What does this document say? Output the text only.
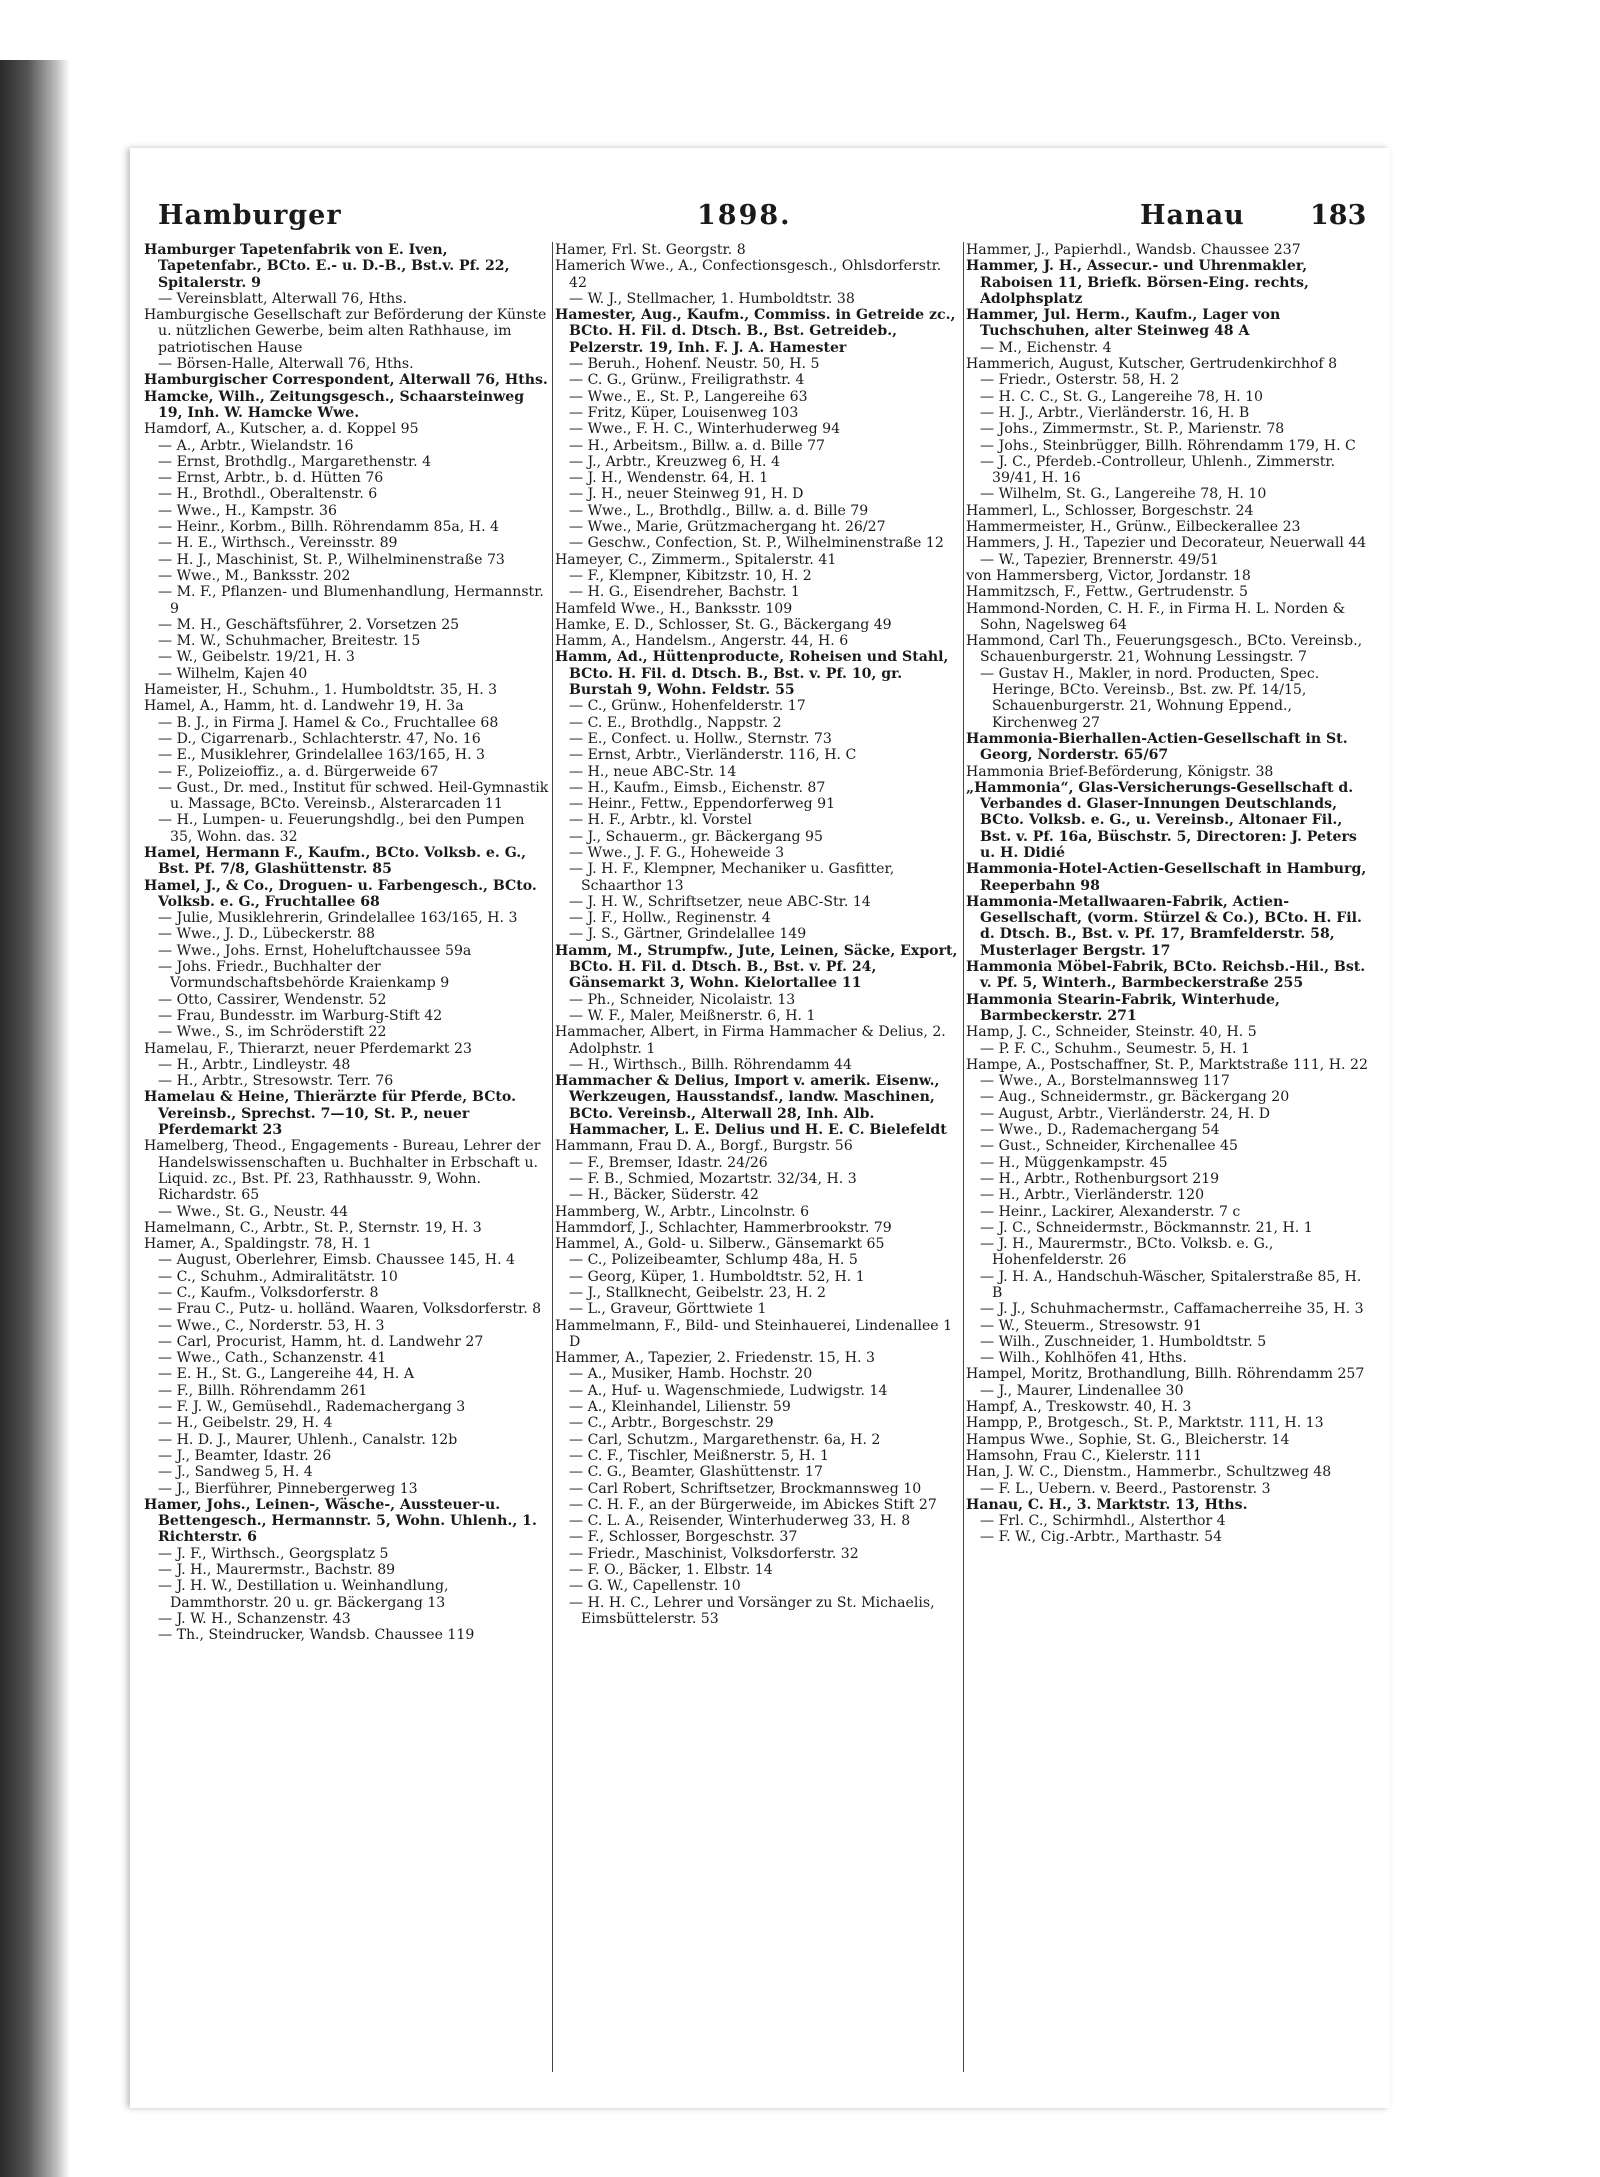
Hamburger	1898.	Hanau 183

Hamburger Tapetenfabrik von E. Iven, Tapetenfabr., BCto. E.- u. D.-B., Bst.v. Pf. 22, Spitalerstr. 9

— Vereinsblatt, Alterwall 76, Hths.

Hamburgische Gesellschaft zur Beförderung der Künste u. nützlichen Gewerbe, beim alten Rathhause, im patriotischen Hause

— Börsen-Halle, Alterwall 76, Hths.

Hamburgischer Correspondent, Alterwall 76, Hths.

Hamcke, Wilh., Zeitungsgesch., Schaarsteinweg 19, Inh. W. Hamcke Wwe.

Hamdorf, A., Kutscher, a. d. Koppel 95

— A., Arbtr., Wielandstr. 16

— Ernst, Brothdlg., Margarethenstr. 4

— Ernst, Arbtr., b. d. Hütten 76

— H., Brothdl., Oberaltenstr. 6

— Wwe., H., Kampstr. 36

— Heinr., Korbm., Billh. Röhrendamm 85a, H. 4

— H. E., Wirthsch., Vereinsstr. 89

— H. J., Maschinist, St. P., Wilhelminenstraße 73

— Wwe., M., Banksstr. 202

— M. F., Pflanzen- und Blumenhandlung, Hermannstr. 9

— M. H., Geschäftsführer, 2. Vorsetzen 25

— M. W., Schuhmacher, Breitestr. 15

— W., Geibelstr. 19/21, H. 3

— Wilhelm, Kajen 40

Hameister, H., Schuhm., 1. Humboldtstr. 35, H. 3

Hamel, A., Hamm, ht. d. Landwehr 19, H. 3a

— B. J., in Firma J. Hamel & Co., Fruchtallee 68

— D., Cigarrenarb., Schlachterstr. 47, No. 16

— E., Musiklehrer, Grindelallee 163/165, H. 3

— F., Polizeioffiz., a. d. Bürgerweide 67

— Gust., Dr. med., Institut für schwed. Heil-Gymnastik u. Massage, BCto. Vereinsb., Alsterarcaden 11

— H., Lumpen- u. Feuerungshdlg., bei den Pumpen 35, Wohn. das. 32

Hamel, Hermann F., Kaufm., BCto. Volksb. e. G., Bst. Pf. 7/8, Glashüttenstr. 85

Hamel, J., & Co., Droguen- u. Farbengesch., BCto. Volksb. e. G., Fruchtallee 68

— Julie, Musiklehrerin, Grindelallee 163/165, H. 3

— Wwe., J. D., Lübeckerstr. 88

— Wwe., Johs. Ernst, Hoheluftchaussee 59a

— Johs. Friedr., Buchhalter der Vormundschaftsbehörde Kraienkamp 9

— Otto, Cassirer, Wendenstr. 52

— Frau, Bundesstr. im Warburg-Stift 42

— Wwe., S., im Schröderstift 22

Hamelau, F., Thierarzt, neuer Pferdemarkt 23

— H., Arbtr., Lindleystr. 48

— H., Arbtr., Stresowstr. Terr. 76

Hamelau & Heine, Thierärzte für Pferde, BCto. Vereinsb., Sprechst. 7—10, St. P., neuer Pferdemarkt 23

Hamelberg, Theod., Engagements - Bureau, Lehrer der Handelswissenschaften u. Buchhalter in Erbschaft u. Liquid. zc., Bst. Pf. 23, Rathhausstr. 9, Wohn. Richardstr. 65

— Wwe., St. G., Neustr. 44

Hamelmann, C., Arbtr., St. P., Sternstr. 19, H. 3

Hamer, A., Spaldingstr. 78, H. 1

— August, Oberlehrer, Eimsb. Chaussee 145, H. 4

— C., Schuhm., Admiralitätstr. 10

— C., Kaufm., Volksdorferstr. 8

— Frau C., Putz- u. holländ. Waaren, Volksdorferstr. 8

— Wwe., C., Norderstr. 53, H. 3

— Carl, Procurist, Hamm, ht. d. Landwehr 27

— Wwe., Cath., Schanzenstr. 41

— E. H., St. G., Langereihe 44, H. A

— F., Billh. Röhrendamm 261

— F. J. W., Gemüsehdl., Rademachergang 3

— H., Geibelstr. 29, H. 4

— H. D. J., Maurer, Uhlenh., Canalstr. 12b

— J., Beamter, Idastr. 26

— J., Sandweg 5, H. 4

— J., Bierführer, Pinnebergerweg 13

Hamer, Johs., Leinen-, Wäsche-, Aussteuer-u. Bettengesch., Hermannstr. 5, Wohn. Uhlenh., 1. Richterstr. 6

— J. F., Wirthsch., Georgsplatz 5

— J. H., Maurermstr., Bachstr. 89

— J. H. W., Destillation u. Weinhandlung, Dammthorstr. 20 u. gr. Bäckergang 13

— J. W. H., Schanzenstr. 43

— Th., Steindrucker, Wandsb. Chaussee 119

Hamer, Frl. St. Georgstr. 8

Hamerich Wwe., A., Confectionsgesch., Ohlsdorferstr. 42

— W. J., Stellmacher, 1. Humboldtstr. 38

Hamester, Aug., Kaufm., Commiss. in Getreide zc., BCto. H. Fil. d. Dtsch. B., Bst. Getreideb., Pelzerstr. 19, Inh. F. J. A. Hamester

— Beruh., Hohenf. Neustr. 50, H. 5

— C. G., Grünw., Freiligrathstr. 4

— Wwe., E., St. P., Langereihe 63

— Fritz, Küper, Louisenweg 103

— Wwe., F. H. C., Winterhuderweg 94

— H., Arbeitsm., Billw. a. d. Bille 77

— J., Arbtr., Kreuzweg 6, H. 4

— J. H., Wendenstr. 64, H. 1

— J. H., neuer Steinweg 91, H. D

— Wwe., L., Brothdlg., Billw. a. d. Bille 79

— Wwe., Marie, Grützmachergang ht. 26/27

— Geschw., Confection, St. P., Wilhelminenstraße 12

Hameyer, C., Zimmerm., Spitalerstr. 41

— F., Klempner, Kibitzstr. 10, H. 2

— H. G., Eisendreher, Bachstr. 1

Hamfeld Wwe., H., Banksstr. 109

Hamke, E. D., Schlosser, St. G., Bäckergang 49

Hamm, A., Handelsm., Angerstr. 44, H. 6

Hamm, Ad., Hüttenproducte, Roheisen und Stahl, BCto. H. Fil. d. Dtsch. B., Bst. v. Pf. 10, gr. Burstah 9, Wohn. Feldstr. 55

— C., Grünw., Hohenfelderstr. 17

— C. E., Brothdlg., Nappstr. 2

— E., Confect. u. Hollw., Sternstr. 73

— Ernst, Arbtr., Vierländerstr. 116, H. C

— H., neue ABC-Str. 14

— H., Kaufm., Eimsb., Eichenstr. 87

— Heinr., Fettw., Eppendorferweg 91

— H. F., Arbtr., kl. Vorstel

— J., Schauerm., gr. Bäckergang 95

— Wwe., J. F. G., Hoheweide 3

— J. H. F., Klempner, Mechaniker u. Gasfitter, Schaarthor 13

— J. H. W., Schriftsetzer, neue ABC-Str. 14

— J. F., Hollw., Reginenstr. 4

— J. S., Gärtner, Grindelallee 149

Hamm, M., Strumpfw., Jute, Leinen, Säcke, Export, BCto. H. Fil. d. Dtsch. B., Bst. v. Pf. 24, Gänsemarkt 3, Wohn. Kielortallee 11

— Ph., Schneider, Nicolaistr. 13

— W. F., Maler, Meißnerstr. 6, H. 1

Hammacher, Albert, in Firma Hammacher & Delius, 2. Adolphstr. 1

— H., Wirthsch., Billh. Röhrendamm 44

Hammacher & Delius, Import v. amerik. Eisenw., Werkzeugen, Hausstandsf., landw. Maschinen, BCto. Vereinsb., Alterwall 28, Inh. Alb. Hammacher, L. E. Delius und H. E. C. Bielefeldt

Hammann, Frau D. A., Borgf., Burgstr. 56

— F., Bremser, Idastr. 24/26

— F. B., Schmied, Mozartstr. 32/34, H. 3

— H., Bäcker, Süderstr. 42

Hammberg, W., Arbtr., Lincolnstr. 6

Hammdorf, J., Schlachter, Hammerbrookstr. 79

Hammel, A., Gold- u. Silberw., Gänsemarkt 65

— C., Polizeibeamter, Schlump 48a, H. 5

— Georg, Küper, 1. Humboldtstr. 52, H. 1

— J., Stallknecht, Geibelstr. 23, H. 2

— L., Graveur, Görttwiete 1

Hammelmann, F., Bild- und Steinhauerei, Lindenallee 1 D

Hammer, A., Tapezier, 2. Friedenstr. 15, H. 3

— A., Musiker, Hamb. Hochstr. 20

— A., Huf- u. Wagenschmiede, Ludwigstr. 14

— A., Kleinhandel, Lilienstr. 59

— C., Arbtr., Borgeschstr. 29

— Carl, Schutzm., Margarethenstr. 6a, H. 2

— C. F., Tischler, Meißnerstr. 5, H. 1

— C. G., Beamter, Glashüttenstr. 17

— Carl Robert, Schriftsetzer, Brockmannsweg 10

— C. H. F., an der Bürgerweide, im Abickes Stift 27

— C. L. A., Reisender, Winterhuderweg 33, H. 8

— F., Schlosser, Borgeschstr. 37

— Friedr., Maschinist, Volksdorferstr. 32

— F. O., Bäcker, 1. Elbstr. 14

— G. W., Capellenstr. 10

— H. H. C., Lehrer und Vorsänger zu St. Michaelis, Eimsbüttelerstr. 53

Hammer, J., Papierhdl., Wandsb. Chaussee 237

Hammer, J. H., Assecur.- und Uhrenmakler, Raboisen 11, Briefk. Börsen-Eing. rechts, Adolphsplatz

Hammer, Jul. Herm., Kaufm., Lager von Tuchschuhen, alter Steinweg 48 A

— M., Eichenstr. 4

Hammerich, August, Kutscher, Gertrudenkirchhof 8

— Friedr., Osterstr. 58, H. 2

— H. C. C., St. G., Langereihe 78, H. 10

— H. J., Arbtr., Vierländerstr. 16, H. B

— Johs., Zimmermstr., St. P., Marienstr. 78

— Johs., Steinbrügger, Billh. Röhrendamm 179, H. C

— J. C., Pferdeb.-Controlleur, Uhlenh., Zimmerstr. 39/41, H. 16

— Wilhelm, St. G., Langereihe 78, H. 10

Hammerl, L., Schlosser, Borgeschstr. 24

Hammermeister, H., Grünw., Eilbeckerallee 23

Hammers, J. H., Tapezier und Decorateur, Neuerwall 44

— W., Tapezier, Brennerstr. 49/51

von Hammersberg, Victor, Jordanstr. 18

Hammitzsch, F., Fettw., Gertrudenstr. 5

Hammond-Norden, C. H. F., in Firma H. L. Norden & Sohn, Nagelsweg 64

Hammond, Carl Th., Feuerungsgesch., BCto. Vereinsb., Schauenburgerstr. 21, Wohnung Lessingstr. 7

— Gustav H., Makler, in nord. Producten, Spec. Heringe, BCto. Vereinsb., Bst. zw. Pf. 14/15, Schauenburgerstr. 21, Wohnung Eppend., Kirchenweg 27

Hammonia-Bierhallen-Actien-Gesellschaft in St. Georg, Norderstr. 65/67

Hammonia Brief-Beförderung, Königstr. 38

„Hammonia“, Glas-Versicherungs-Gesellschaft d. Verbandes d. Glaser-Innungen Deutschlands, BCto. Volksb. e. G., u. Vereinsb., Altonaer Fil., Bst. v. Pf. 16a, Büschstr. 5, Directoren: J. Peters u. H. Didié

Hammonia-Hotel-Actien-Gesellschaft in Hamburg, Reeperbahn 98

Hammonia-Metallwaaren-Fabrik, Actien-Gesellschaft, (vorm. Stürzel & Co.), BCto. H. Fil. d. Dtsch. B., Bst. v. Pf. 17, Bramfelderstr. 58, Musterlager Bergstr. 17

Hammonia Möbel-Fabrik, BCto. Reichsb.-Hil., Bst. v. Pf. 5, Winterh., Barmbeckerstraße 255

Hammonia Stearin-Fabrik, Winterhude, Barmbeckerstr. 271

Hamp, J. C., Schneider, Steinstr. 40, H. 5

— P. F. C., Schuhm., Seumestr. 5, H. 1

Hampe, A., Postschaffner, St. P., Marktstraße 111, H. 22

— Wwe., A., Borstelmannsweg 117

— Aug., Schneidermstr., gr. Bäckergang 20

— August, Arbtr., Vierländerstr. 24, H. D

— Wwe., D., Rademachergang 54

— Gust., Schneider, Kirchenallee 45

— H., Müggenkampstr. 45

— H., Arbtr., Rothenburgsort 219

— H., Arbtr., Vierländerstr. 120

— Heinr., Lackirer, Alexanderstr. 7 c

— J. C., Schneidermstr., Böckmannstr. 21, H. 1

— J. H., Maurermstr., BCto. Volksb. e. G., Hohenfelderstr. 26

— J. H. A., Handschuh-Wäscher, Spitalerstraße 85, H. B

— J. J., Schuhmachermstr., Caffamacherreihe 35, H. 3

— W., Steuerm., Stresowstr. 91

— Wilh., Zuschneider, 1. Humboldtstr. 5

— Wilh., Kohlhöfen 41, Hths.

Hampel, Moritz, Brothandlung, Billh. Röhrendamm 257

— J., Maurer, Lindenallee 30

Hampf, A., Treskowstr. 40, H. 3

Hampp, P., Brotgesch., St. P., Marktstr. 111, H. 13

Hampus Wwe., Sophie, St. G., Bleicherstr. 14

Hamsohn, Frau C., Kielerstr. 111

Han, J. W. C., Dienstm., Hammerbr., Schultzweg 48

— F. L., Uebern. v. Beerd., Pastorenstr. 3

Hanau, C. H., 3. Marktstr. 13, Hths.

— Frl. C., Schirmhdl., Alsterthor 4

— F. W., Cig.-Arbtr., Marthastr. 54
